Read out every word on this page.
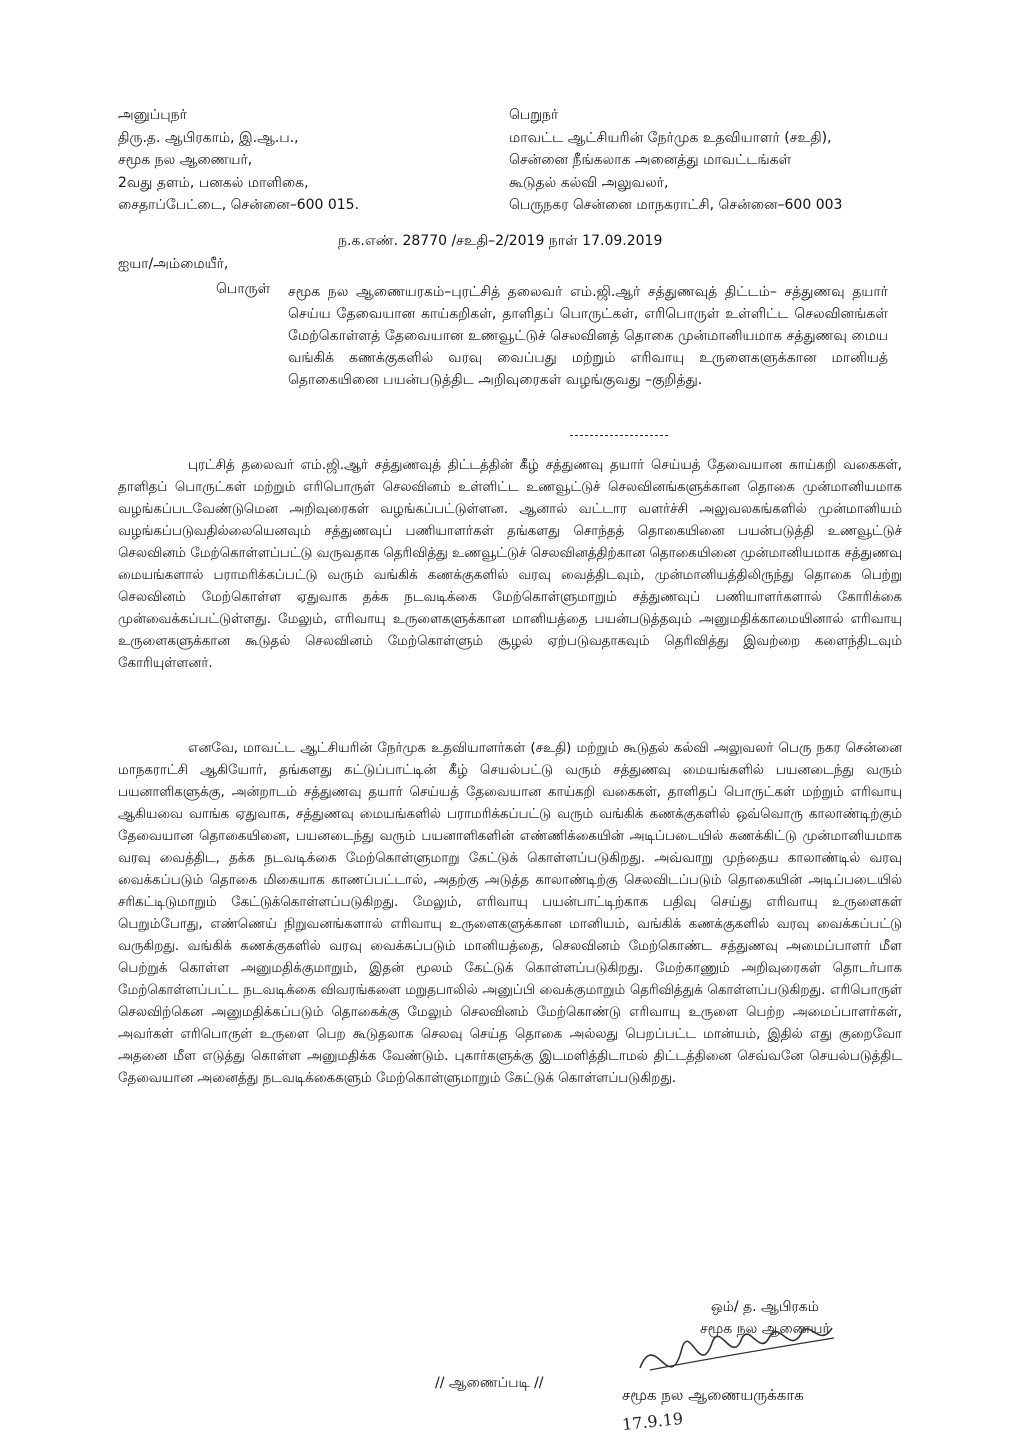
அனுப்புநர்
திரு.த. ஆபிரகாம், இ.ஆ.ப.,
சமூக நல ஆணையர்,
2வது தளம், பனகல் மாளிகை,
சைதாப்பேட்டை, சென்னை–600 015.
பெறுநர்
மாவட்ட ஆட்சியரின் நேர்முக உதவியாளர் (சஉதி),
சென்னை நீங்கலாக அனைத்து மாவட்டங்கள்
கூடுதல் கல்வி அலுவலர்,
பெருநகர சென்னை மாநகராட்சி, சென்னை–600 003
ந.க.எண். 28770 /சஉதி–2/2019 நாள் 17.09.2019
ஐயா/அம்மையீர்,
பொருள் சமூக நல ஆணையரகம்–புரட்சித் தலைவர் எம்.ஜி.ஆர் சத்துணவுத் திட்டம்– சத்துணவு தயார் செய்ய தேவையான காய்கறிகள், தாளிதப் பொருட்கள், எரிபொருள் உள்ளிட்ட செலவினங்கள் மேற்கொள்ளத் தேவையான உணவூட்டுச் செலவினத் தொகை முன்மானியமாக சத்துணவு மைய வங்கிக் கணக்குகளில் வரவு வைப்பது மற்றும் எரிவாயு உருளைகளுக்கான மானியத் தொகையினை பயன்படுத்திட அறிவுரைகள் வழங்குவது –குறித்து.
புரட்சித் தலைவர் எம்.ஜி.ஆர் சத்துணவுத் திட்டத்தின் கீழ் சத்துணவு தயார் செய்யத் தேவையான காய்கறி வகைகள், தாளிதப் பொருட்கள் மற்றும் எரிபொருள் செலவினம் உள்ளிட்ட உணவூட்டுச் செலவினங்களுக்கான தொகை முன்மானியமாக வழங்கப்படவேண்டுமென அறிவுரைகள் வழங்கப்பட்டுள்ளன. ஆனால் வட்டார வளர்ச்சி அலுவலகங்களில் முன்மானியம் வழங்கப்படுவதில்லையெனவும் சத்துணவுப் பணியாளர்கள் தங்களது சொந்தத் தொகையினை பயன்படுத்தி உணவூட்டுச் செலவினம் மேற்கொள்ளப்பட்டு வருவதாக தெரிவித்து உணவூட்டுச் செலவினத்திற்கான தொகையினை முன்மானியமாக சத்துணவு மையங்களால் பராமரிக்கப்பட்டு வரும் வங்கிக் கணக்குகளில் வரவு வைத்திடவும், முன்மானியத்திலிருந்து தொகை பெற்று செலவினம் மேற்கொள்ள ஏதுவாக தக்க நடவடிக்கை மேற்கொள்ளுமாறும் சத்துணவுப் பணியாளர்களால் கோரிக்கை முன்வைக்கப்பட்டுள்ளது. மேலும், எரிவாயு உருளைகளுக்கான மானியத்தை பயன்படுத்தவும் அனுமதிக்காமையினால் எரிவாயு உருளைகளுக்கான கூடுதல் செலவினம் மேற்கொள்ளும் சூழல் ஏற்படுவதாகவும் தெரிவித்து இவற்றை களைந்திடவும் கோரியுள்ளனர்.
எனவே, மாவட்ட ஆட்சியரின் நேர்முக உதவியாளர்கள் (சஉதி) மற்றும் கூடுதல் கல்வி அலுவலர் பெரு நகர சென்னை மாநகராட்சி ஆகியோர், தங்களது கட்டுப்பாட்டின் கீழ் செயல்பட்டு வரும் சத்துணவு மையங்களில் பயனடைந்து வரும் பயனாளிகளுக்கு, அன்றாடம் சத்துணவு தயார் செய்யத் தேவையான காய்கறி வகைகள், தாளிதப் பொருட்கள் மற்றும் எரிவாயு ஆகியவை வாங்க ஏதுவாக, சத்துணவு மையங்களில் பராமரிக்கப்பட்டு வரும் வங்கிக் கணக்குகளில் ஒவ்வொரு காலாண்டிற்கும் தேவையான தொகையினை, பயனடைந்து வரும் பயனாளிகளின் எண்ணிக்கையின் அடிப்படையில் கணக்கிட்டு முன்மானியமாக வரவு வைத்திட, தக்க நடவடிக்கை மேற்கொள்ளுமாறு கேட்டுக் கொள்ளப்படுகிறது. அவ்வாறு முந்தைய காலாண்டில் வரவு வைக்கப்படும் தொகை மிகையாக காணப்பட்டால், அதற்கு அடுத்த காலாண்டிற்கு செலவிடப்படும் தொகையின் அடிப்படையில் சரிகட்டிடுமாறும் கேட்டுக்கொள்ளப்படுகிறது. மேலும், எரிவாயு பயன்பாட்டிற்காக பதிவு செய்து எரிவாயு உருளைகள் பெறும்போது, எண்ணெய் நிறுவனங்களால் எரிவாயு உருளைகளுக்கான மானியம், வங்கிக் கணக்குகளில் வரவு வைக்கப்பட்டு வருகிறது. வங்கிக் கணக்குகளில் வரவு வைக்கப்படும் மானியத்தை, செலவினம் மேற்கொண்ட சத்துணவு அமைப்பாளர் மீள பெற்றுக் கொள்ள அனுமதிக்குமாறும், இதன் மூலம் கேட்டுக் கொள்ளப்படுகிறது. மேற்காணும் அறிவுரைகள் தொடர்பாக மேற்கொள்ளப்பட்ட நடவடிக்கை விவரங்களை மறுதபாலில் அனுப்பி வைக்குமாறும் தெரிவித்துக் கொள்ளப்படுகிறது. எரிபொருள் செலவிற்கென அனுமதிக்கப்படும் தொகைக்கு மேலும் செலவினம் மேற்கொண்டு எரிவாயு உருளை பெற்ற அமைப்பாளர்கள், அவர்கள் எரிபொருள் உருளை பெற கூடுதலாக செலவு செய்த தொகை அல்லது பெறப்பட்ட மான்யம், இதில் எது குறைவோ அதனை மீள எடுத்து கொள்ள அனுமதிக்க வேண்டும். புகார்களுக்கு இடமளித்திடாமல் திட்டத்தினை செவ்வனே செயல்படுத்திட தேவையான அனைத்து நடவடிக்கைகளும் மேற்கொள்ளுமாறும் கேட்டுக் கொள்ளப்படுகிறது.
ஒம்/ த. ஆபிரகம்
சமூக நல ஆணையர்
// ஆணைப்படி //
சமூக நல ஆணையருக்காக
17.9.19
